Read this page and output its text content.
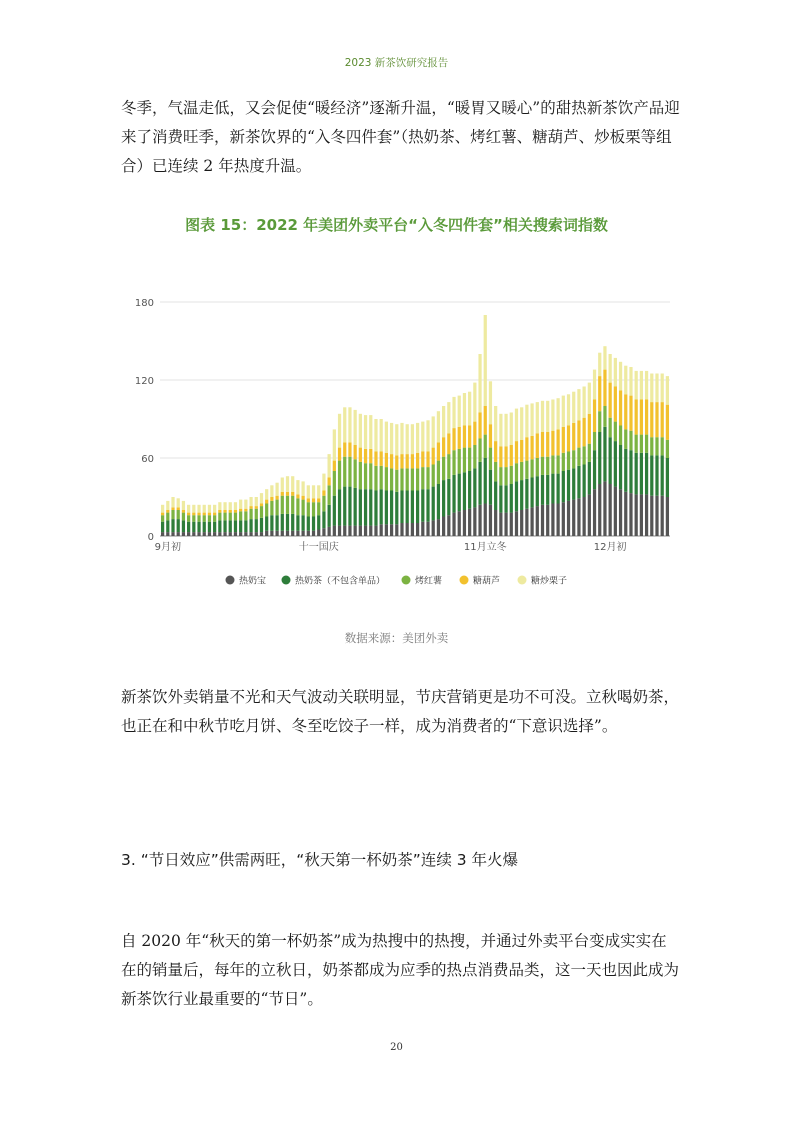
2023 新茶饮研究报告

冬季，气温走低，又会促使“暖经济”逐渐升温，“暖胃又暖心”的甜热新茶饮产品迎来了消费旺季，新茶饮界的“入冬四件套”（热奶茶、烤红薯、糖葫芦、炒板栗等组合）已连续 2 年热度升温。

图表 15：2022 年美团外卖平台“入冬四件套”相关搜索词指数
0
60
120
180
9月初	十一国庆	11月立冬	12月初
热奶宝	热奶茶（不包含单品）	烤红薯	糖葫芦	糖炒栗子
数据来源：美团外卖

新茶饮外卖销量不光和天气波动关联明显，节庆营销更是功不可没。立秋喝奶茶，也正在和中秋节吃月饼、冬至吃饺子一样，成为消费者的“下意识选择”。

3. “节日效应”供需两旺，“秋天第一杯奶茶”连续 3 年火爆

自 2020 年“秋天的第一杯奶茶”成为热搜中的热搜，并通过外卖平台变成实实在在的销量后，每年的立秋日，奶茶都成为应季的热点消费品类，这一天也因此成为新茶饮行业最重要的“节日”。

20
